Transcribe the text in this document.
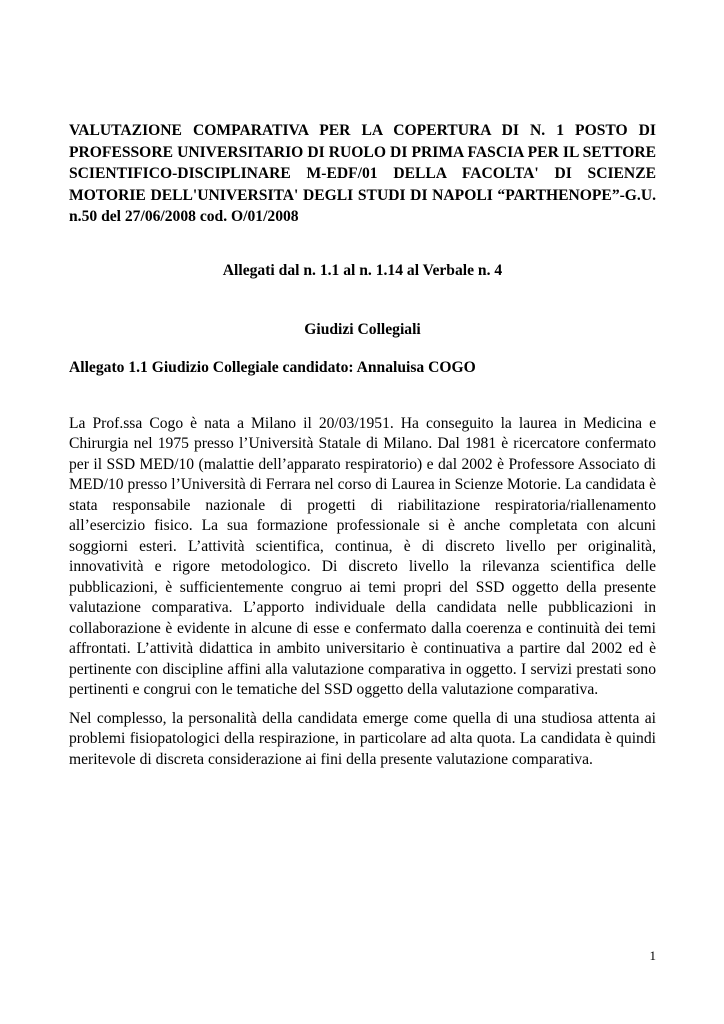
VALUTAZIONE COMPARATIVA PER LA COPERTURA DI N. 1 POSTO DI PROFESSORE UNIVERSITARIO DI RUOLO DI PRIMA FASCIA PER IL SETTORE SCIENTIFICO-DISCIPLINARE M-EDF/01 DELLA FACOLTA' DI SCIENZE MOTORIE DELL'UNIVERSITA' DEGLI STUDI DI NAPOLI “PARTHENOPE”-G.U. n.50 del 27/06/2008 cod. O/01/2008

Allegati dal n. 1.1 al n. 1.14 al Verbale n. 4

Giudizi Collegiali

Allegato 1.1 Giudizio Collegiale candidato: Annaluisa COGO

La Prof.ssa Cogo è nata a Milano il 20/03/1951. Ha conseguito la laurea in Medicina e Chirurgia nel 1975 presso l’Università Statale di Milano. Dal 1981 è ricercatore confermato per il SSD MED/10 (malattie dell’apparato respiratorio) e dal 2002 è Professore Associato di MED/10 presso l’Università di Ferrara nel corso di Laurea in Scienze Motorie. La candidata è stata responsabile nazionale di progetti di riabilitazione respiratoria/riallenamento all’esercizio fisico. La sua formazione professionale si è anche completata con alcuni soggiorni esteri. L’attività scientifica, continua, è di discreto livello per originalità, innovatività e rigore metodologico. Di discreto livello la rilevanza scientifica delle pubblicazioni, è sufficientemente congruo ai temi propri del SSD oggetto della presente valutazione comparativa. L’apporto individuale della candidata nelle pubblicazioni in collaborazione è evidente in alcune di esse e confermato dalla coerenza e continuità dei temi affrontati. L’attività didattica in ambito universitario è continuativa a partire dal 2002 ed è pertinente con discipline affini alla valutazione comparativa in oggetto. I servizi prestati sono pertinenti e congrui con le tematiche del SSD oggetto della valutazione comparativa.

Nel complesso, la personalità della candidata emerge come quella di una studiosa attenta ai problemi fisiopatologici della respirazione, in particolare ad alta quota. La candidata è quindi meritevole di discreta considerazione ai fini della presente valutazione comparativa.

1
